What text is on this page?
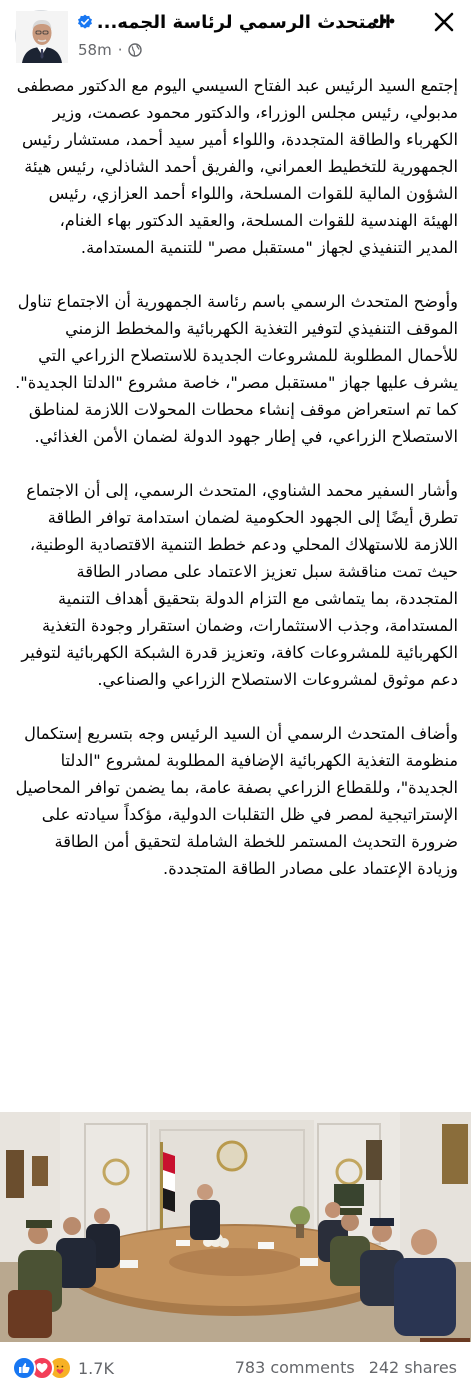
المتحدث الرسمي لرئاسة الجمه...
58m ·

إجتمع السيد الرئيس عبد الفتاح السيسي اليوم مع الدكتور مصطفى مدبولي، رئيس مجلس الوزراء، والدكتور محمود عصمت، وزير الكهرباء والطاقة المتجددة، واللواء أمير سيد أحمد، مستشار رئيس الجمهورية للتخطيط العمراني، والفريق أحمد الشاذلي، رئيس هيئة الشؤون المالية للقوات المسلحة، واللواء أحمد العزازي، رئيس الهيئة الهندسية للقوات المسلحة، والعقيد الدكتور بهاء الغنام، المدير التنفيذي لجهاز "مستقبل مصر" للتنمية المستدامة.

وأوضح المتحدث الرسمي باسم رئاسة الجمهورية أن الاجتماع تناول الموقف التنفيذي لتوفير التغذية الكهربائية والمخطط الزمني للأحمال المطلوبة للمشروعات الجديدة للاستصلاح الزراعي التي يشرف عليها جهاز "مستقبل مصر"، خاصة مشروع "الدلتا الجديدة". كما تم استعراض موقف إنشاء محطات المحولات اللازمة لمناطق الاستصلاح الزراعي، في إطار جهود الدولة لضمان الأمن الغذائي.

وأشار السفير محمد الشناوي، المتحدث الرسمي، إلى أن الاجتماع تطرق أيضًا إلى الجهود الحكومية لضمان استدامة توافر الطاقة اللازمة للاستهلاك المحلي ودعم خطط التنمية الاقتصادية الوطنية، حيث تمت مناقشة سبل تعزيز الاعتماد على مصادر الطاقة المتجددة، بما يتماشى مع التزام الدولة بتحقيق أهداف التنمية المستدامة، وجذب الاستثمارات، وضمان استقرار وجودة التغذية الكهربائية للمشروعات كافة، وتعزيز قدرة الشبكة الكهربائية لتوفير دعم موثوق لمشروعات الاستصلاح الزراعي والصناعي.

وأضاف المتحدث الرسمي أن السيد الرئيس وجه بتسريع إستكمال منظومة التغذية الكهربائية الإضافية المطلوبة لمشروع "الدلتا الجديدة"، وللقطاع الزراعي بصفة عامة، بما يضمن توافر المحاصيل الإستراتيجية لمصر في ظل التقلبات الدولية، مؤكداً سيادته على ضرورة التحديث المستمر للخطة الشاملة لتحقيق أمن الطاقة وزيادة الإعتماد على مصادر الطاقة المتجددة.

1.7K	783 comments 242 shares
